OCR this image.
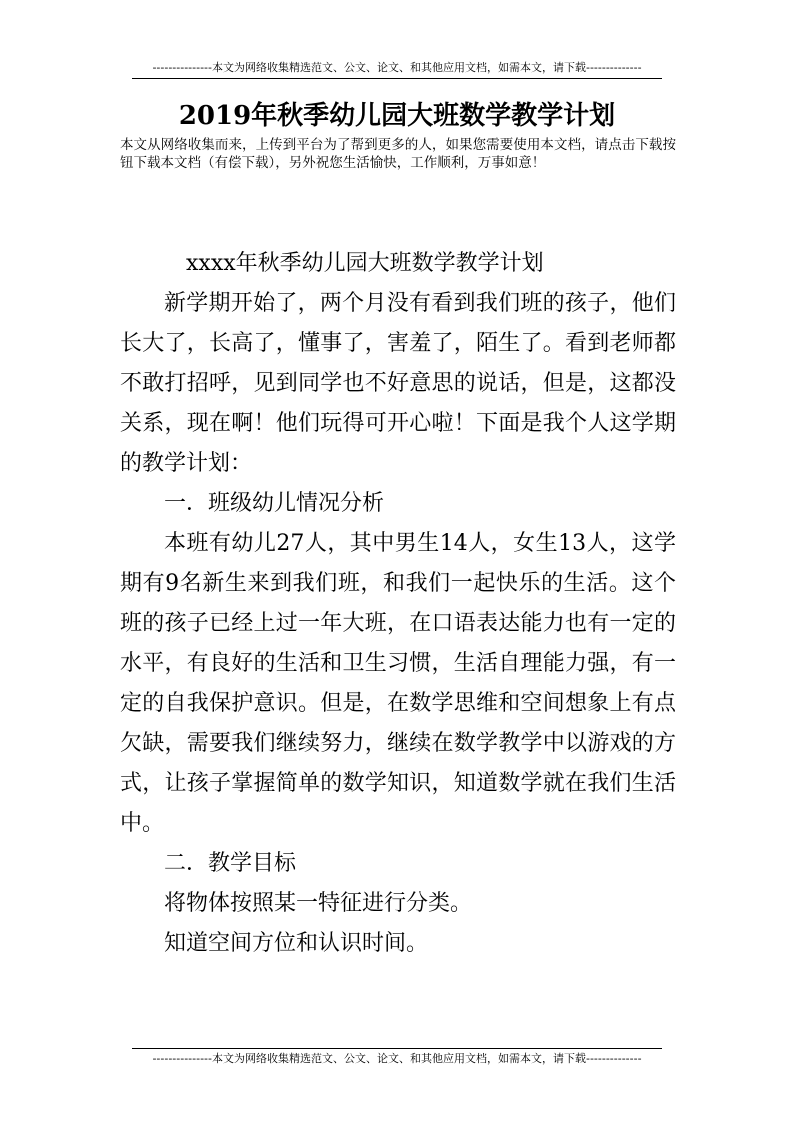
---------------本文为网络收集精选范文、公文、论文、和其他应用文档，如需本文，请下载--------------
2019年秋季幼儿园大班数学教学计划
本文从网络收集而来，上传到平台为了帮到更多的人，如果您需要使用本文档，请点击下载按钮下载本文档（有偿下载），另外祝您生活愉快，工作顺利，万事如意！

xxxx年秋季幼儿园大班数学教学计划

新学期开始了，两个月没有看到我们班的孩子，他们长大了，长高了，懂事了，害羞了，陌生了。看到老师都不敢打招呼，见到同学也不好意思的说话，但是，这都没关系，现在啊！他们玩得可开心啦！下面是我个人这学期的教学计划：

一．班级幼儿情况分析

本班有幼儿27人，其中男生14人，女生13人，这学期有9名新生来到我们班，和我们一起快乐的生活。这个班的孩子已经上过一年大班，在口语表达能力也有一定的水平，有良好的生活和卫生习惯，生活自理能力强，有一定的自我保护意识。但是，在数学思维和空间想象上有点欠缺，需要我们继续努力，继续在数学教学中以游戏的方式，让孩子掌握简单的数学知识，知道数学就在我们生活中。

二．教学目标

将物体按照某一特征进行分类。

知道空间方位和认识时间。

---------------本文为网络收集精选范文、公文、论文、和其他应用文档，如需本文，请下载--------------
